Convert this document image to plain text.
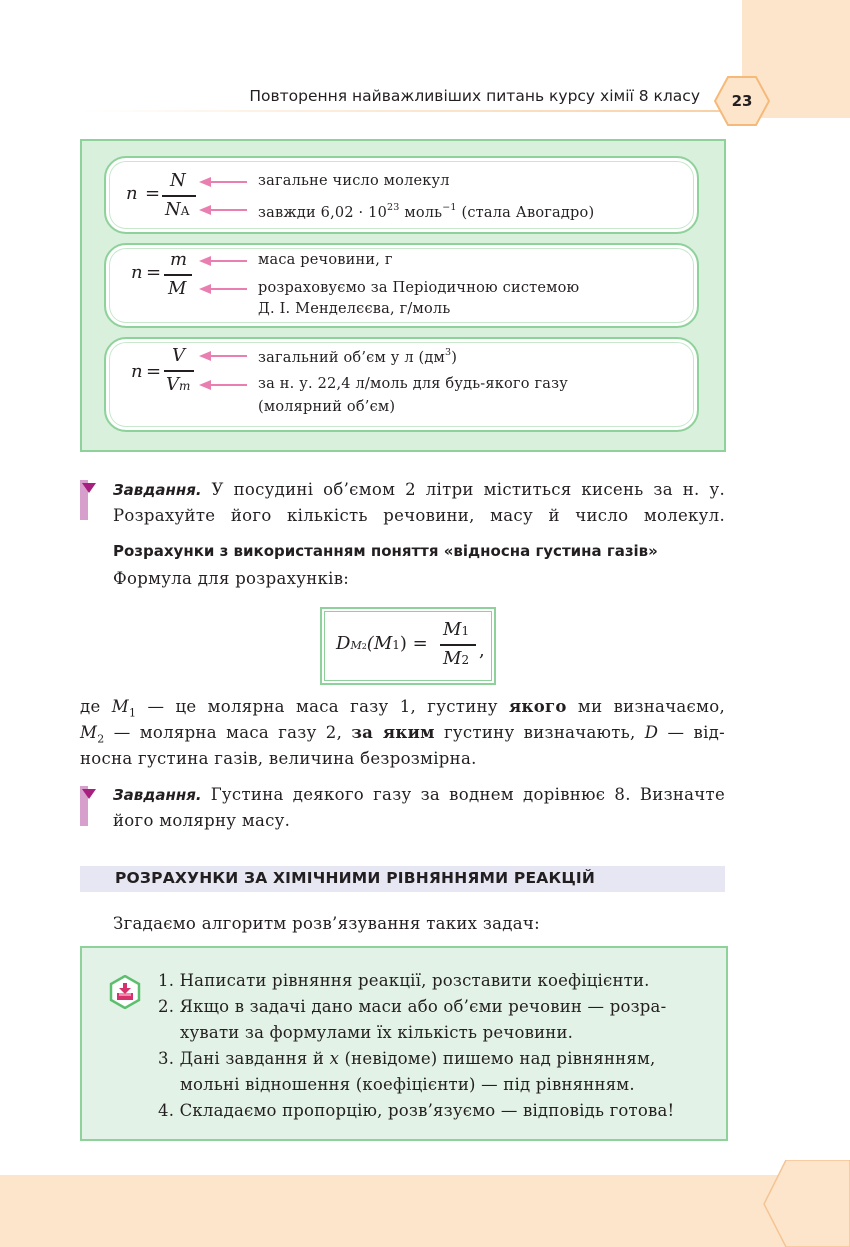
Повторення найважливіших питань курсу хімії 8 класу	23
n =
N
NA
загальне число молекул
завжди $6,02 \cdot 10^{23}$ моль$^{-1}$ (стала Авогадро)
n =
m
M
маса речовини, г
розраховуємо за Періодичною системою
Д. І. Менделєєва, г/моль
n =
V
Vm
загальний об’єм у л $(дм^3)$
за н. у. 22,4 л/моль для будь-якого газу
(молярний об’єм)
Завдання. У посудині об’ємом 2 літри міститься кисень за н. у.
Розрахуйте його кількість речовини, масу й число молекул.
Розрахунки з використанням поняття «відносна густина газів»
Формула для розрахунків:
DM2(M1) =
M1
M2 ,
де $M_1$ — це молярна маса газу 1, густину якого ми визначаємо,
$M_2$ — молярна маса газу 2, за яким густину визначають, D — від-
носна густина газів, величина безрозмірна.
Завдання. Густина деякого газу за воднем дорівнює 8. Визначте
його молярну масу.
РОЗРАХУНКИ ЗА ХІМІЧНИМИ РІВНЯННЯМИ РЕАКЦІЙ
Згадаємо алгоритм розв’язування таких задач:
1. Написати рівняння реакції, розставити коефіцієнти.
2. Якщо в задачі дано маси або об’єми речовин — розра-
хувати за формулами їх кількість речовини.
3. Дані завдання й x (невідоме) пишемо над рівнянням,
мольні відношення (коефіцієнти) — під рівнянням.
4. Складаємо пропорцію, розв’язуємо — відповідь готова!
